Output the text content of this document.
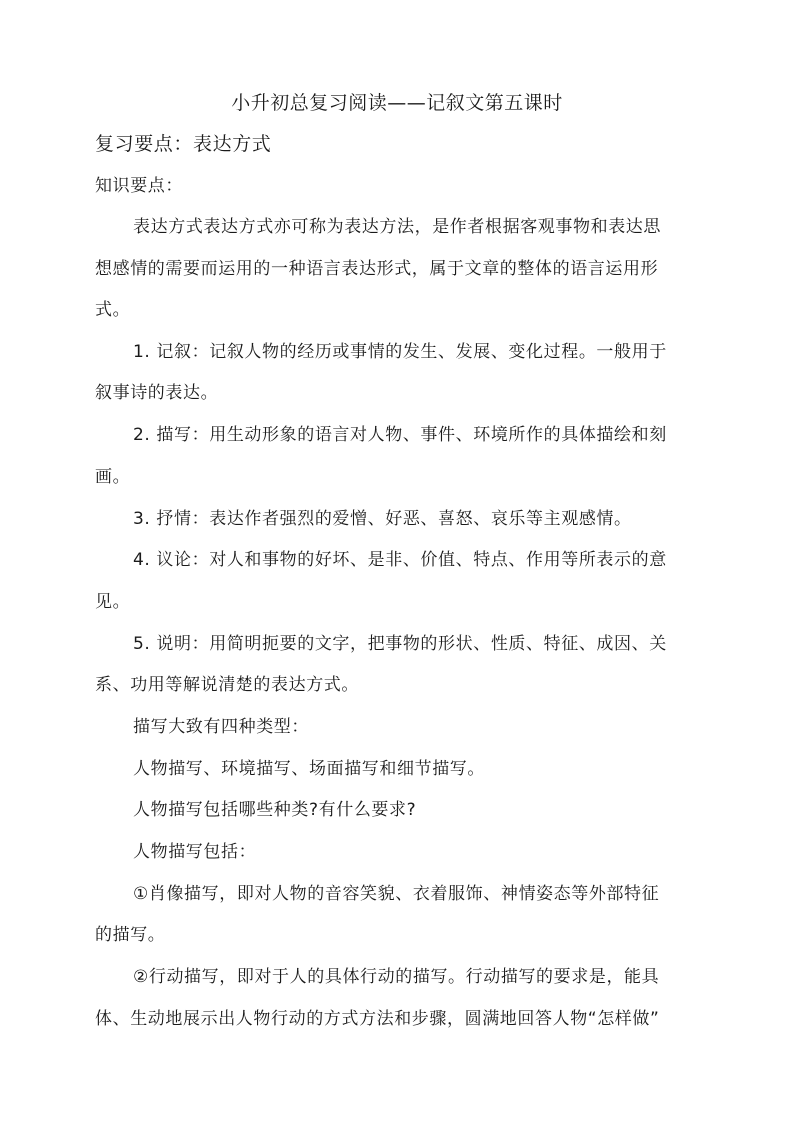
小升初总复习阅读——记叙文第五课时
复习要点：表达方式
知识要点：
表达方式表达方式亦可称为表达方法，是作者根据客观事物和表达思
想感情的需要而运用的一种语言表达形式，属于文章的整体的语言运用形
式。
1. 记叙：记叙人物的经历或事情的发生、发展、变化过程。一般用于
叙事诗的表达。
2. 描写：用生动形象的语言对人物、事件、环境所作的具体描绘和刻
画。
3. 抒情：表达作者强烈的爱憎、好恶、喜怒、哀乐等主观感情。
4. 议论：对人和事物的好坏、是非、价值、特点、作用等所表示的意
见。
5. 说明：用简明扼要的文字，把事物的形状、性质、特征、成因、关
系、功用等解说清楚的表达方式。
描写大致有四种类型：
人物描写、环境描写、场面描写和细节描写。
人物描写包括哪些种类?有什么要求?
人物描写包括：
①肖像描写，即对人物的音容笑貌、衣着服饰、神情姿态等外部特征
的描写。
②行动描写，即对于人的具体行动的描写。行动描写的要求是，能具
体、生动地展示出人物行动的方式方法和步骤，圆满地回答人物“怎样做”
